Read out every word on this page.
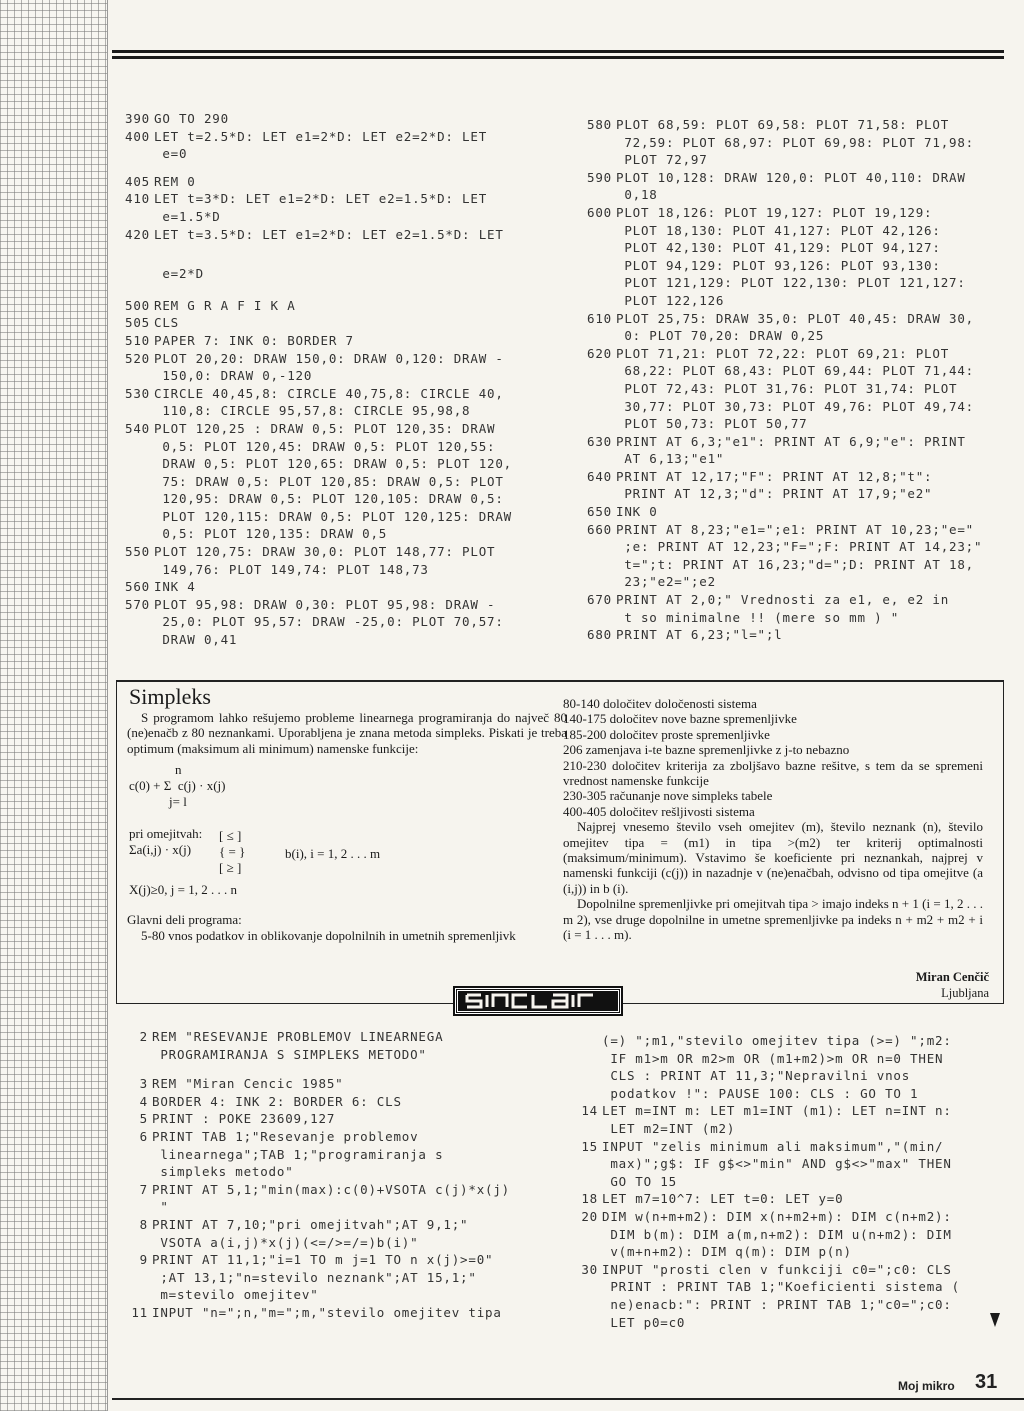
390 GO TO 290
400 LET t=2.5*D: LET e1=2*D: LET e2=2*D: LET
e=0
405 REM 0
410 LET t=3*D: LET e1=2*D: LET e2=1.5*D: LET
e=1.5*D
420 LET t=3.5*D: LET e1=2*D: LET e2=1.5*D: LET
e=2*D
500 REM G R A F I K A
505 CLS
510 PAPER 7: INK 0: BORDER 7
520 PLOT 20,20: DRAW 150,0: DRAW 0,120: DRAW -
150,0: DRAW 0,-120
530 CIRCLE 40,45,8: CIRCLE 40,75,8: CIRCLE 40,
110,8: CIRCLE 95,57,8: CIRCLE 95,98,8
540 PLOT 120,25 : DRAW 0,5: PLOT 120,35: DRAW
0,5: PLOT 120,45: DRAW 0,5: PLOT 120,55:
DRAW 0,5: PLOT 120,65: DRAW 0,5: PLOT 120,
75: DRAW 0,5: PLOT 120,85: DRAW 0,5: PLOT
120,95: DRAW 0,5: PLOT 120,105: DRAW 0,5:
PLOT 120,115: DRAW 0,5: PLOT 120,125: DRAW
0,5: PLOT 120,135: DRAW 0,5
550 PLOT 120,75: DRAW 30,0: PLOT 148,77: PLOT
149,76: PLOT 149,74: PLOT 148,73
560 INK 4
570 PLOT 95,98: DRAW 0,30: PLOT 95,98: DRAW -
25,0: PLOT 95,57: DRAW -25,0: PLOT 70,57:
DRAW 0,41
580 PLOT 68,59: PLOT 69,58: PLOT 71,58: PLOT
72,59: PLOT 68,97: PLOT 69,98: PLOT 71,98:
PLOT 72,97
590 PLOT 10,128: DRAW 120,0: PLOT 40,110: DRAW
0,18
600 PLOT 18,126: PLOT 19,127: PLOT 19,129:
PLOT 18,130: PLOT 41,127: PLOT 42,126:
PLOT 42,130: PLOT 41,129: PLOT 94,127:
PLOT 94,129: PLOT 93,126: PLOT 93,130:
PLOT 121,129: PLOT 122,130: PLOT 121,127:
PLOT 122,126
610 PLOT 25,75: DRAW 35,0: PLOT 40,45: DRAW 30,
0: PLOT 70,20: DRAW 0,25
620 PLOT 71,21: PLOT 72,22: PLOT 69,21: PLOT
68,22: PLOT 68,43: PLOT 69,44: PLOT 71,44:
PLOT 72,43: PLOT 31,76: PLOT 31,74: PLOT
30,77: PLOT 30,73: PLOT 49,76: PLOT 49,74:
PLOT 50,73: PLOT 50,77
630 PRINT AT 6,3;"e1": PRINT AT 6,9;"e": PRINT
AT 6,13;"e1"
640 PRINT AT 12,17;"F": PRINT AT 12,8;"t":
PRINT AT 12,3;"d": PRINT AT 17,9;"e2"
650 INK 0
660 PRINT AT 8,23;"e1=";e1: PRINT AT 10,23;"e="
;e: PRINT AT 12,23;"F=";F: PRINT AT 14,23;"
t=";t: PRINT AT 16,23;"d=";D: PRINT AT 18,
23;"e2=";e2
670 PRINT AT 2,0;" Vrednosti za e1, e, e2 in
t so minimalne !! (mere so mm ) "
680 PRINT AT 6,23;"l=";l
Simpleks

S programom lahko rešujemo probleme linearnega programiranja do največ 80 (ne)enačb z 80 neznankami. Uporabljena je znana metoda simpleks. Piskati je treba optimum (maksimum ali minimum) namenske funkcije:

n
c(0) + Σ  c(j) · x(j)
j= l
pri omejitvah:
Σa(i,j) · x(j)
[ ≤ ]
{ = }
[ ≥ ]
b(i), i = 1, 2 . . . m
X(j)≥0, j = 1, 2 . . . n

Glavni deli programa:

5-80 vnos podatkov in oblikovanje dopolnilnih in umetnih spremenljivk

80-140 določitev določenosti sistema

140-175 določitev nove bazne spremenljivke

185-200 določitev proste spremenljivke

206 zamenjava i-te bazne spremenljivke z j-to nebazno

210-230 določitev kriterija za zboljšavo bazne rešitve, s tem da se spremeni vrednost namenske funkcije

230-305 računanje nove simpleks tabele

400-405 določitev rešljivosti sistema

Najprej vnesemo število vseh omejitev (m), število neznank (n), število omejitev tipa = (m1) in tipa >(m2) ter kriterij optimalnosti (maksimum/minimum). Vstavimo še koeficiente pri neznankah, najprej v namenski funkciji (c(j)) in nazadnje v (ne)enačbah, odvisno od tipa omejitve (a (i,j)) in b (i).

Dopolnilne spremenljivke pri omejitvah tipa > imajo indeks n + 1 (i = 1, 2 . . . m 2), vse druge dopolnilne in umetne spremenljivke pa indeks n + m2 + m2 + i (i = 1 . . . m).

Miran Cenčič
Ljubljana
2 REM "RESEVANJE PROBLEMOV LINEARNEGA
PROGRAMIRANJA S SIMPLEKS METODO"
3 REM "Miran Cencic 1985"
4 BORDER 4: INK 2: BORDER 6: CLS
5 PRINT : POKE 23609,127
6 PRINT TAB 1;"Resevanje problemov
linearnega";TAB 1;"programiranja s
simpleks metodo"
7 PRINT AT 5,1;"min(max):c(0)+VSOTA c(j)*x(j)
"
8 PRINT AT 7,10;"pri omejitvah";AT 9,1;"
VSOTA a(i,j)*x(j)(<=/>=/=)b(i)"
9 PRINT AT 11,1;"i=1 TO m j=1 TO n x(j)>=0"
;AT 13,1;"n=stevilo neznank";AT 15,1;"
m=stevilo omejitev"
11 INPUT "n=";n,"m=";m,"stevilo omejitev tipa
(=) ";m1,"stevilo omejitev tipa (>=) ";m2:
IF m1>m OR m2>m OR (m1+m2)>m OR n=0 THEN
CLS : PRINT AT 11,3;"Nepravilni vnos
podatkov !": PAUSE 100: CLS : GO TO 1
14 LET m=INT m: LET m1=INT (m1): LET n=INT n:
LET m2=INT (m2)
15 INPUT "zelis minimum ali maksimum","(min/
max)";g$: IF g$<>"min" AND g$<>"max" THEN
GO TO 15
18 LET m7=10^7: LET t=0: LET y=0
20 DIM w(n+m+m2): DIM x(n+m2+m): DIM c(n+m2):
DIM b(m): DIM a(m,n+m2): DIM u(n+m2): DIM
v(m+n+m2): DIM q(m): DIM p(n)
30 INPUT "prosti clen v funkciji c0=";c0: CLS
PRINT : PRINT TAB 1;"Koeficienti sistema (
ne)enacb:": PRINT : PRINT TAB 1;"c0=";c0:
LET p0=c0
Moj mikro 31
